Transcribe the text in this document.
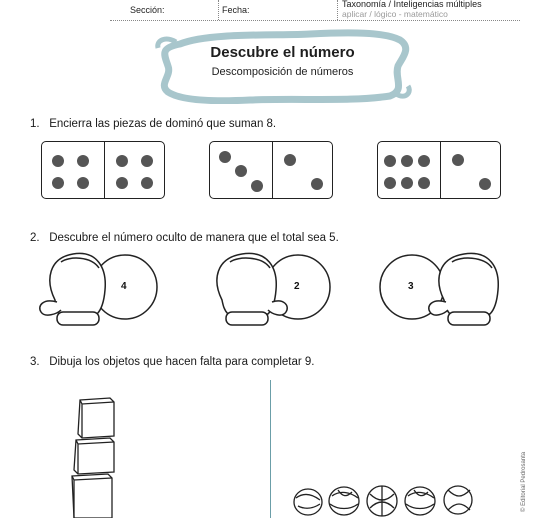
Sección:	Fecha:
Taxonomía / Inteligencias múltiples
aplicar / lógico - matemático
Descubre el número
Descomposición de números
1. Encierra las piezas de dominó que suman 8.
2. Descubre el número oculto de manera que el total sea 5.
4	2	3
3. Dibuja los objetos que hacen falta para completar 9.
© Editorial Pedrosanta
